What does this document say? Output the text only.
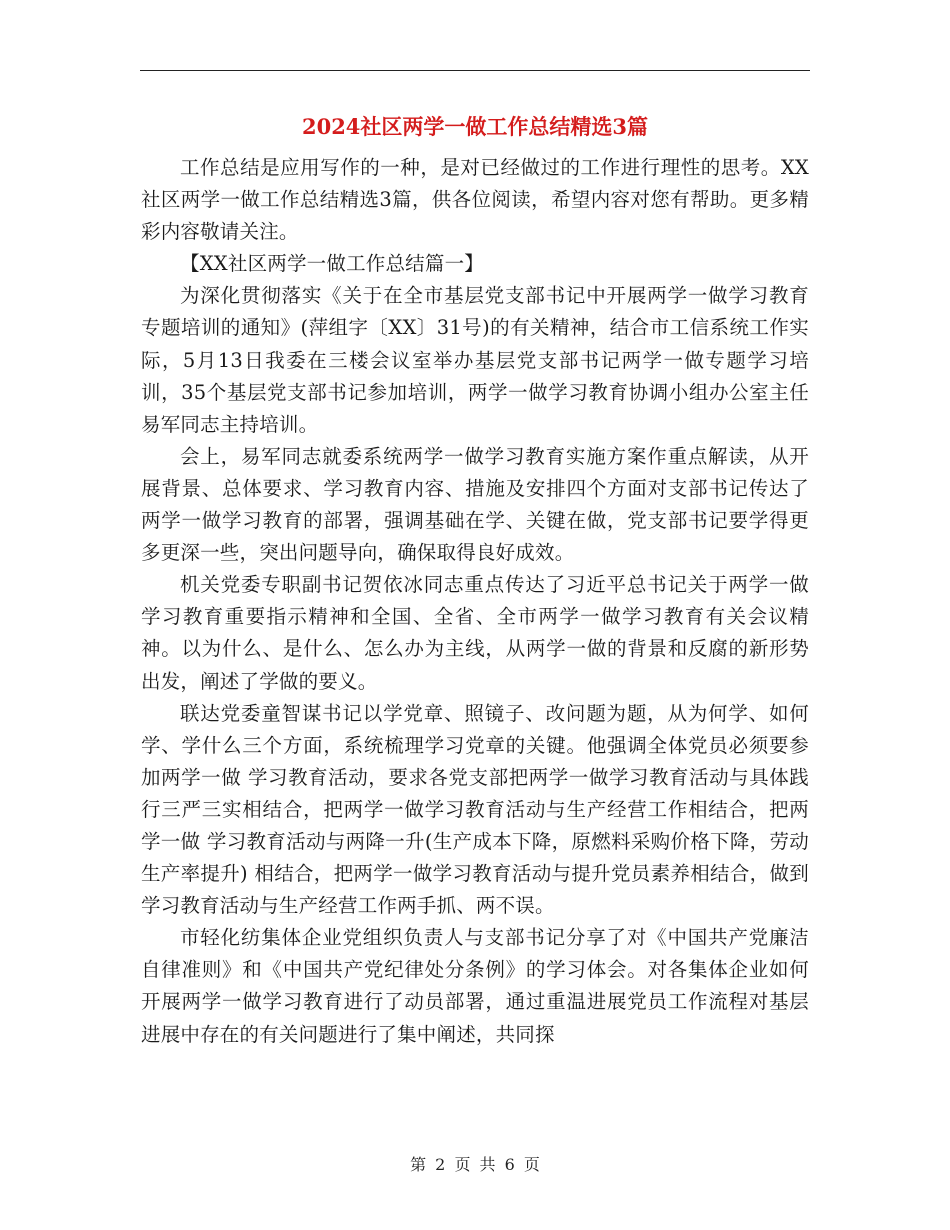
2024社区两学一做工作总结精选3篇

工作总结是应用写作的一种，是对已经做过的工作进行理性的思考。XX社区两学一做工作总结精选3篇，供各位阅读，希望内容对您有帮助。更多精彩内容敬请关注。

【XX社区两学一做工作总结篇一】

为深化贯彻落实《关于在全市基层党支部书记中开展两学一做学习教育专题培训的通知》(萍组字〔XX〕31号)的有关精神，结合市工信系统工作实际，5月13日我委在三楼会议室举办基层党支部书记两学一做专题学习培训，35个基层党支部书记参加培训，两学一做学习教育协调小组办公室主任易军同志主持培训。

会上，易军同志就委系统两学一做学习教育实施方案作重点解读，从开展背景、总体要求、学习教育内容、措施及安排四个方面对支部书记传达了两学一做学习教育的部署，强调基础在学、关键在做，党支部书记要学得更多更深一些，突出问题导向，确保取得良好成效。

机关党委专职副书记贺依冰同志重点传达了习近平总书记关于两学一做学习教育重要指示精神和全国、全省、全市两学一做学习教育有关会议精神。以为什么、是什么、怎么办为主线，从两学一做的背景和反腐的新形势出发，阐述了学做的要义。

联达党委童智谋书记以学党章、照镜子、改问题为题，从为何学、如何学、学什么三个方面，系统梳理学习党章的关键。他强调全体党员必须要参加两学一做 学习教育活动，要求各党支部把两学一做学习教育活动与具体践行三严三实相结合，把两学一做学习教育活动与生产经营工作相结合，把两学一做 学习教育活动与两降一升(生产成本下降，原燃料采购价格下降，劳动生产率提升) 相结合，把两学一做学习教育活动与提升党员素养相结合，做到学习教育活动与生产经营工作两手抓、两不误。

市轻化纺集体企业党组织负责人与支部书记分享了对《中国共产党廉洁自律准则》和《中国共产党纪律处分条例》的学习体会。对各集体企业如何开展两学一做学习教育进行了动员部署，通过重温进展党员工作流程对基层进展中存在的有关问题进行了集中阐述，共同探

第 2 页 共 6 页
